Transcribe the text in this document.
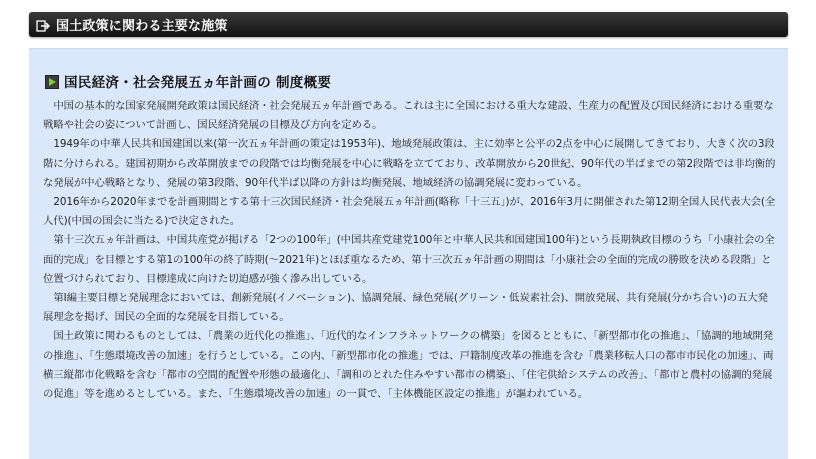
国土政策に関わる主要な施策
国民経済・社会発展五ヵ年計画の 制度概要

中国の基本的な国家発展開発政策は国民経済・社会発展五ヵ年計画である。これは主に全国における重大な建設、生産力の配置及び国民経済における重要な戦略や社会の姿について計画し、国民経済発展の目標及び方向を定める。

1949年の中華人民共和国建国以来(第一次五ヵ年計画の策定は1953年)、地域発展政策は、主に効率と公平の2点を中心に展開してきており、大きく次の3段階に分けられる。建国初期から改革開放までの段階では均衡発展を中心に戦略を立てており、改革開放から20世紀、90年代の半ばまでの第2段階では非均衡的な発展が中心戦略となり、発展の第3段階、90年代半ば以降の方針は均衡発展、地域経済の協調発展に変わっている。

2016年から2020年までを計画期間とする第十三次国民経済・社会発展五ヵ年計画(略称「十三五」)が、2016年3月に開催された第12期全国人民代表大会(全人代)(中国の国会に当たる)で決定された。

第十三次五ヵ年計画は、中国共産党が掲げる「2つの100年」(中国共産党建党100年と中華人民共和国建国100年)という長期執政目標のうち「小康社会の全面的完成」を目標とする第1の100年の終了時期(～2021年)とほぼ重なるため、第十三次五ヵ年計画の期間は「小康社会の全面的完成の勝敗を決める段階」と位置づけられており、目標達成に向けた切迫感が強く滲み出している。

第Ⅰ編主要目標と発展理念においては、創新発展(イノベーション)、協調発展、緑色発展(グリーン・低炭素社会)、開放発展、共有発展(分かち合い)の五大発展理念を掲げ、国民の全面的な発展を目指している。

国土政策に関わるものとしては、「農業の近代化の推進」、「近代的なインフラネットワークの構築」を図るとともに、「新型都市化の推進」、「協調的地域開発の推進」、「生態環境改善の加速」を行うとしている。この内、「新型都市化の推進」では、戸籍制度改革の推進を含む「農業移転人口の都市市民化の加速」、両横三縦都市化戦略を含む「都市の空間的配置や形態の最適化」、「調和のとれた住みやすい都市の構築」、「住宅供給システムの改善」、「都市と農村の協調的発展の促進」等を進めるとしている。また、「生態環境改善の加速」の一貫で、「主体機能区設定の推進」が謳われている。
